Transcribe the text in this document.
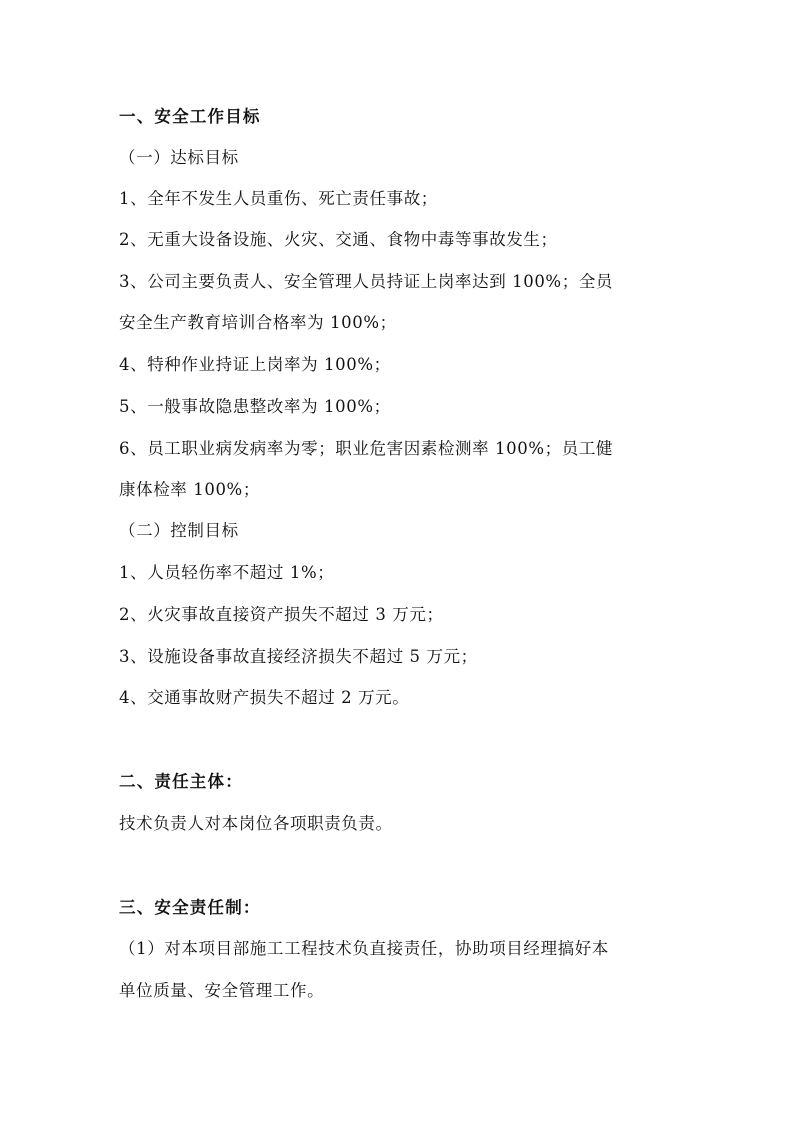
一、安全工作目标
（一）达标目标
1、全年不发生人员重伤、死亡责任事故；
2、无重大设备设施、火灾、交通、食物中毒等事故发生；
3、公司主要负责人、安全管理人员持证上岗率达到 100%；全员
安全生产教育培训合格率为 100%；
4、特种作业持证上岗率为 100%；
5、一般事故隐患整改率为 100%；
6、员工职业病发病率为零；职业危害因素检测率 100%；员工健
康体检率 100%；
（二）控制目标
1、人员轻伤率不超过 1%；
2、火灾事故直接资产损失不超过 3 万元；
3、设施设备事故直接经济损失不超过 5 万元；
4、交通事故财产损失不超过 2 万元。
二、责任主体：
技术负责人对本岗位各项职责负责。
三、安全责任制：
（1）对本项目部施工工程技术负直接责任，协助项目经理搞好本
单位质量、安全管理工作。
